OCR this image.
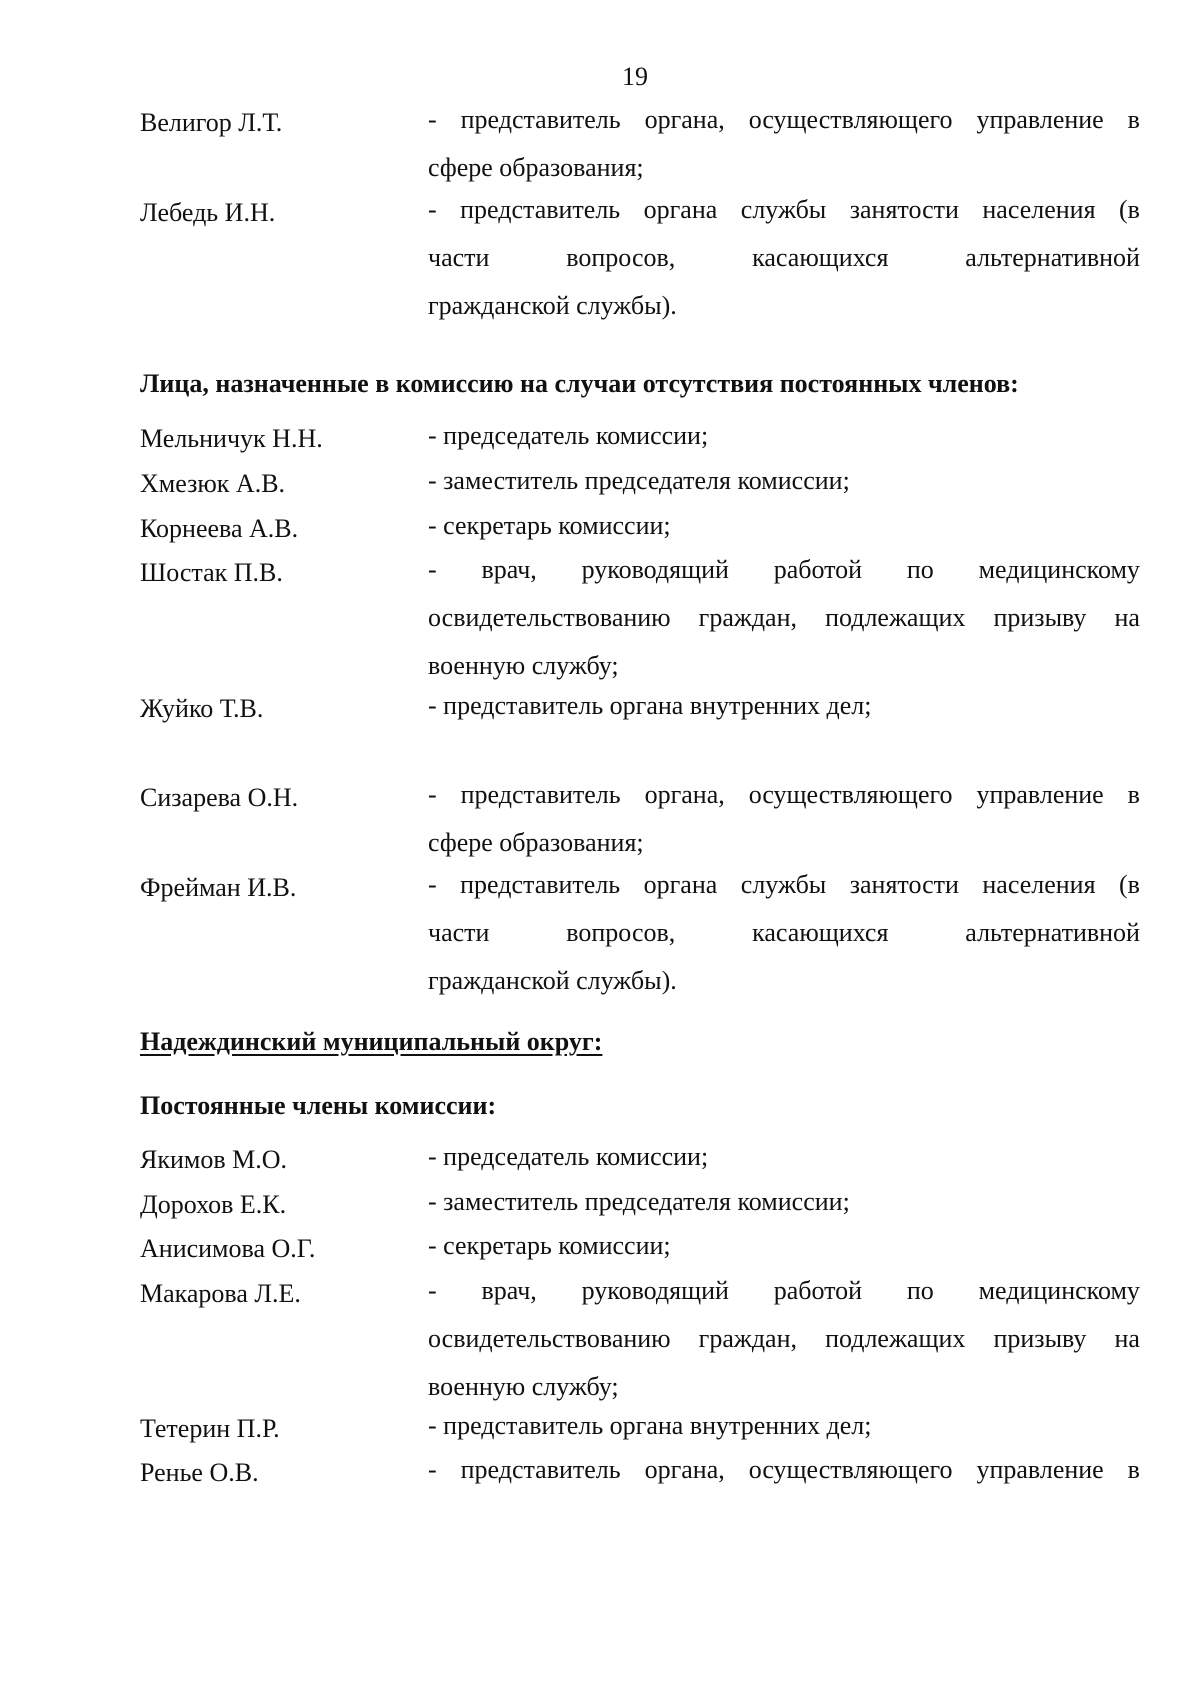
19
Велигор Л.Т.	- представитель органа, осуществляющего управление в
сфере образования;
Лебедь И.Н.	- представитель органа службы занятости населения (в
части	вопросов,	касающихся	альтернативной
гражданской службы).
Лица, назначенные в комиссию на случаи отсутствия постоянных членов:
Мельничук Н.Н.	- председатель комиссии;
Хмезюк А.В.	- заместитель председателя комиссии;
Корнеева А.В.	- секретарь комиссии;
Шостак П.В.	- врач, руководящий работой по медицинскому
освидетельствованию граждан, подлежащих призыву на
военную службу;
Жуйко Т.В.	- представитель органа внутренних дел;
Сизарева О.Н.	- представитель органа, осуществляющего управление в
сфере образования;
Фрейман И.В.	- представитель органа службы занятости населения (в
части	вопросов,	касающихся	альтернативной
гражданской службы).
Надеждинский муниципальный округ:
Постоянные члены комиссии:
Якимов М.О.	- председатель комиссии;
Дорохов Е.К.	- заместитель председателя комиссии;
Анисимова О.Г.	- секретарь комиссии;
Макарова Л.Е.	- врач, руководящий работой по медицинскому
освидетельствованию граждан, подлежащих призыву на
военную службу;
Тетерин П.Р.	- представитель органа внутренних дел;
Ренье О.В.	- представитель органа, осуществляющего управление в
